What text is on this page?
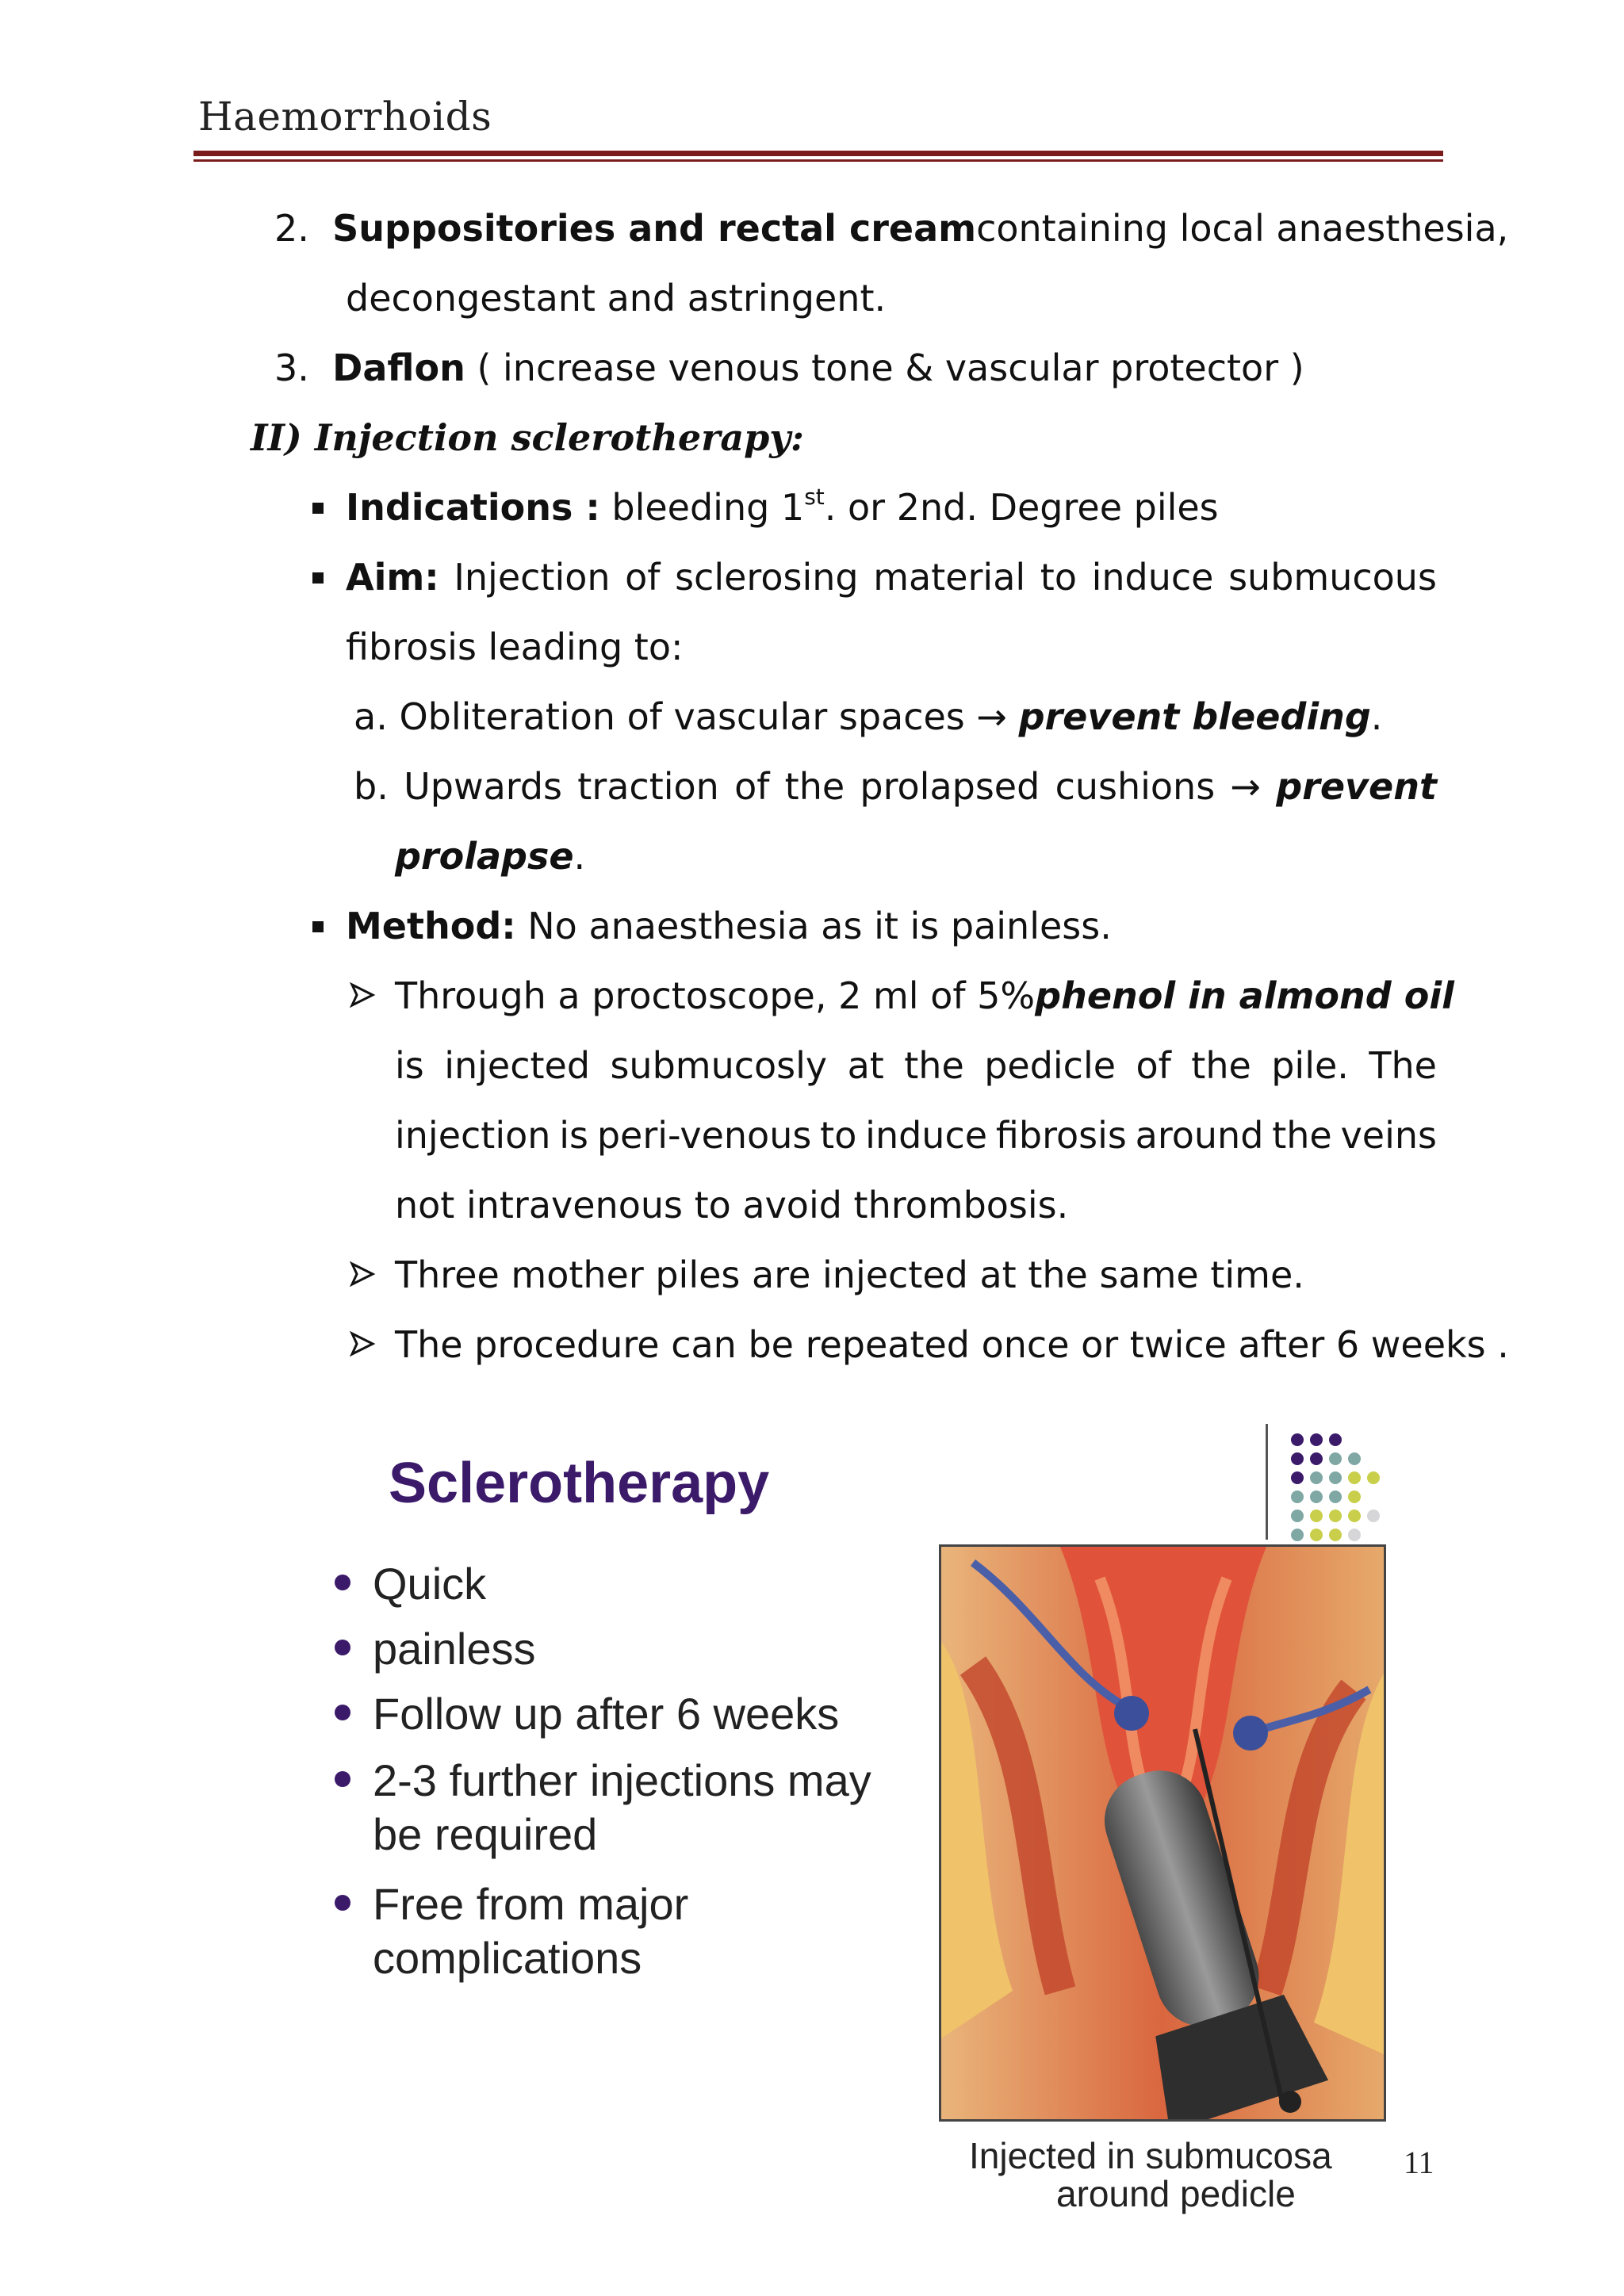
Haemorrhoids
2. Suppositories and rectal cream containing local anaesthesia,
decongestant and astringent.
3. Daflon ( increase venous tone & vascular protector )
II) Injection sclerotherapy:
Indications : bleeding 1st. or 2nd. Degree piles
Aim: Injection of sclerosing material to induce submucous
fibrosis leading to:
a. Obliteration of vascular spaces → prevent bleeding.
b. Upwards traction of the prolapsed cushions → prevent
prolapse.
Method: No anaesthesia as it is painless.
Through a proctoscope, 2 ml of 5% phenol in almond oil
is injected submucosly at the pedicle of the pile. The
injection is peri-venous to induce fibrosis around the veins
not intravenous to avoid thrombosis.
Three mother piles are injected at the same time.
The procedure can be repeated once or twice after 6 weeks .
Sclerotherapy
Quick
painless
Follow up after 6 weeks
2-3 further injections may
be required
Free from major
complications
Injected in submucosa
around pedicle
11
